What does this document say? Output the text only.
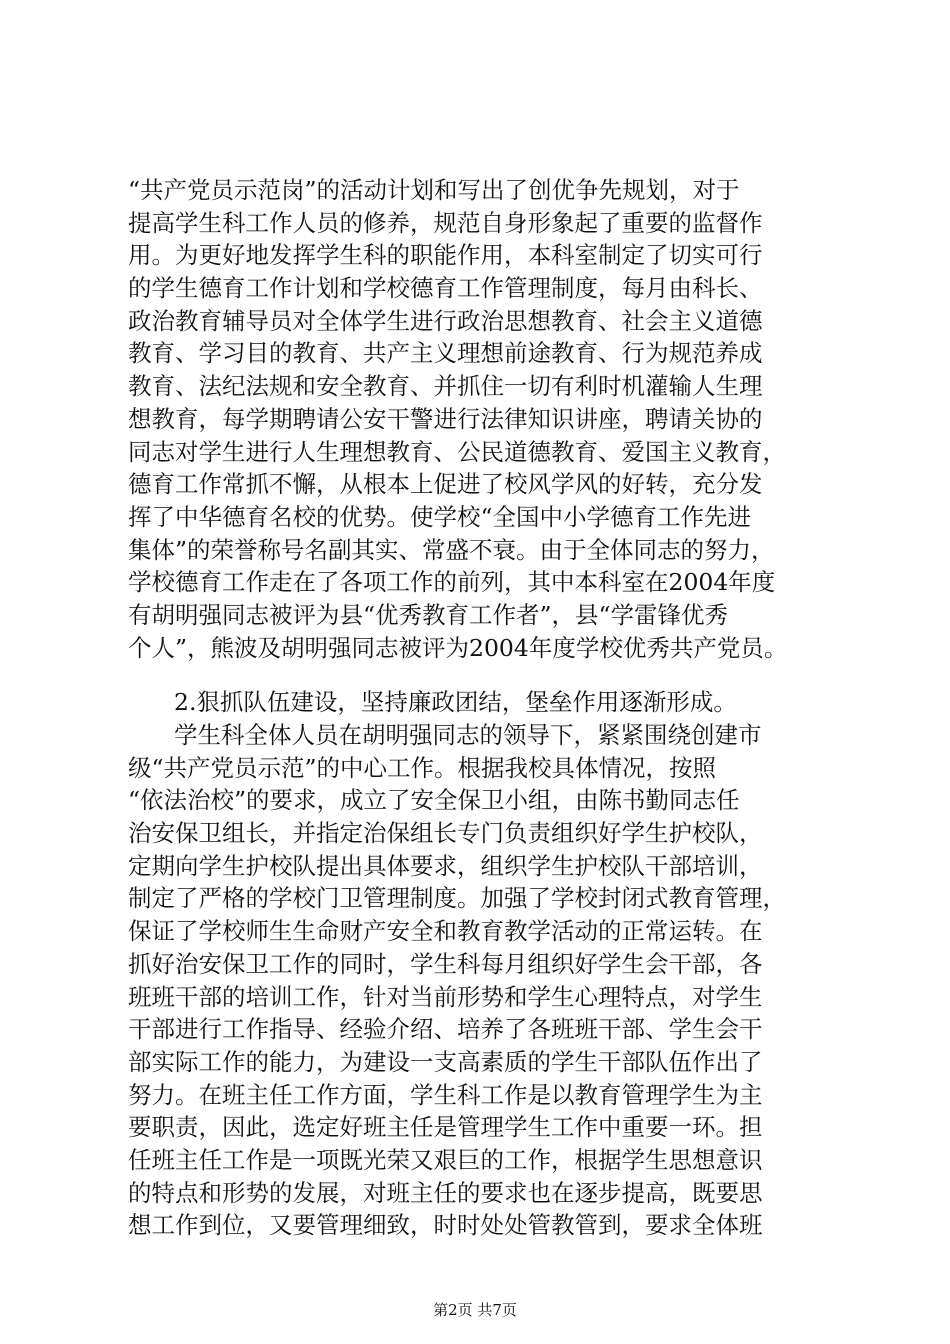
“共产党员示范岗”的活动计划和写出了创优争先规划，对于
提高学生科工作人员的修养，规范自身形象起了重要的监督作
用。为更好地发挥学生科的职能作用，本科室制定了切实可行
的学生德育工作计划和学校德育工作管理制度，每月由科长、
政治教育辅导员对全体学生进行政治思想教育、社会主义道德
教育、学习目的教育、共产主义理想前途教育、行为规范养成
教育、法纪法规和安全教育、并抓住一切有利时机灌输人生理
想教育，每学期聘请公安干警进行法律知识讲座，聘请关协的
同志对学生进行人生理想教育、公民道德教育、爱国主义教育，
德育工作常抓不懈，从根本上促进了校风学风的好转，充分发
挥了中华德育名校的优势。使学校“全国中小学德育工作先进
集体”的荣誉称号名副其实、常盛不衰。由于全体同志的努力，
学校德育工作走在了各项工作的前列，其中本科室在2004年度
有胡明强同志被评为县“优秀教育工作者”，县“学雷锋优秀
个人”，熊波及胡明强同志被评为2004年度学校优秀共产党员。
2.狠抓队伍建设，坚持廉政团结，堡垒作用逐渐形成。
学生科全体人员在胡明强同志的领导下，紧紧围绕创建市
级“共产党员示范”的中心工作。根据我校具体情况，按照
“依法治校”的要求，成立了安全保卫小组，由陈书勤同志任
治安保卫组长，并指定治保组长专门负责组织好学生护校队，
定期向学生护校队提出具体要求，组织学生护校队干部培训，
制定了严格的学校门卫管理制度。加强了学校封闭式教育管理，
保证了学校师生生命财产安全和教育教学活动的正常运转。在
抓好治安保卫工作的同时，学生科每月组织好学生会干部，各
班班干部的培训工作，针对当前形势和学生心理特点，对学生
干部进行工作指导、经验介绍、培养了各班班干部、学生会干
部实际工作的能力，为建设一支高素质的学生干部队伍作出了
努力。在班主任工作方面，学生科工作是以教育管理学生为主
要职责，因此，选定好班主任是管理学生工作中重要一环。担
任班主任工作是一项既光荣又艰巨的工作，根据学生思想意识
的特点和形势的发展，对班主任的要求也在逐步提高，既要思
想工作到位，又要管理细致，时时处处管教管到，要求全体班
第2页 共7页
